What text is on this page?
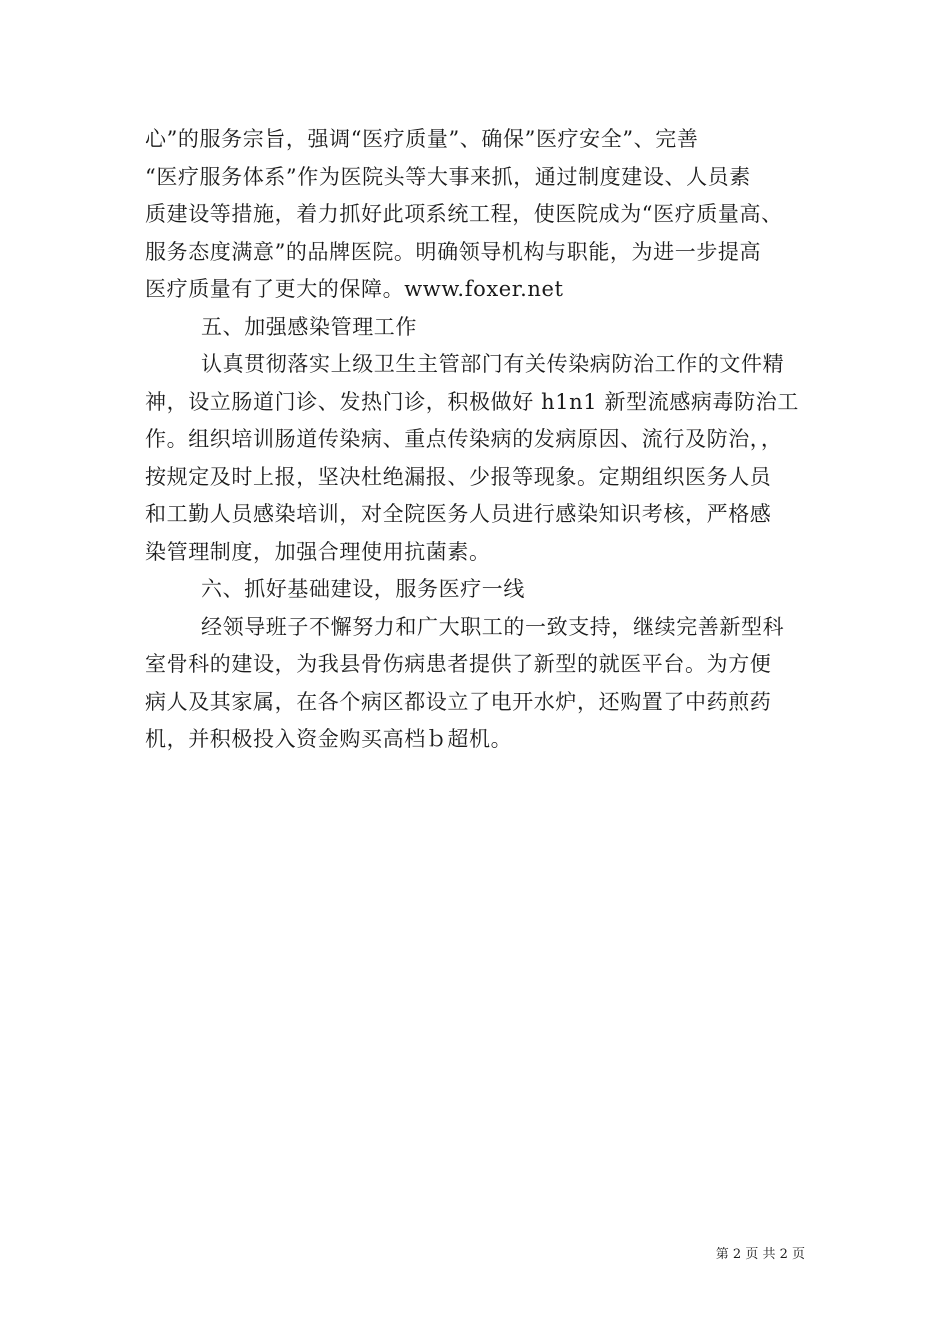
心”的服务宗旨，强调“医疗质量”、确保”医疗安全”、完善
“医疗服务体系”作为医院头等大事来抓，通过制度建设、人员素
质建设等措施，着力抓好此项系统工程，使医院成为“医疗质量高、
服务态度满意”的品牌医院。明确领导机构与职能，为进一步提高
医疗质量有了更大的保障。www.foxer.net
五、加强感染管理工作
认真贯彻落实上级卫生主管部门有关传染病防治工作的文件精
神，设立肠道门诊、发热门诊，积极做好 h1n1 新型流感病毒防治工
作。组织培训肠道传染病、重点传染病的发病原因、流行及防治，，
按规定及时上报，坚决杜绝漏报、少报等现象。定期组织医务人员
和工勤人员感染培训，对全院医务人员进行感染知识考核，严格感
染管理制度，加强合理使用抗菌素。
六、抓好基础建设，服务医疗一线
经领导班子不懈努力和广大职工的一致支持，继续完善新型科
室骨科的建设，为我县骨伤病患者提供了新型的就医平台。为方便
病人及其家属，在各个病区都设立了电开水炉，还购置了中药煎药
机，并积极投入资金购买高档ｂ超机。
第 2 页 共 2 页
